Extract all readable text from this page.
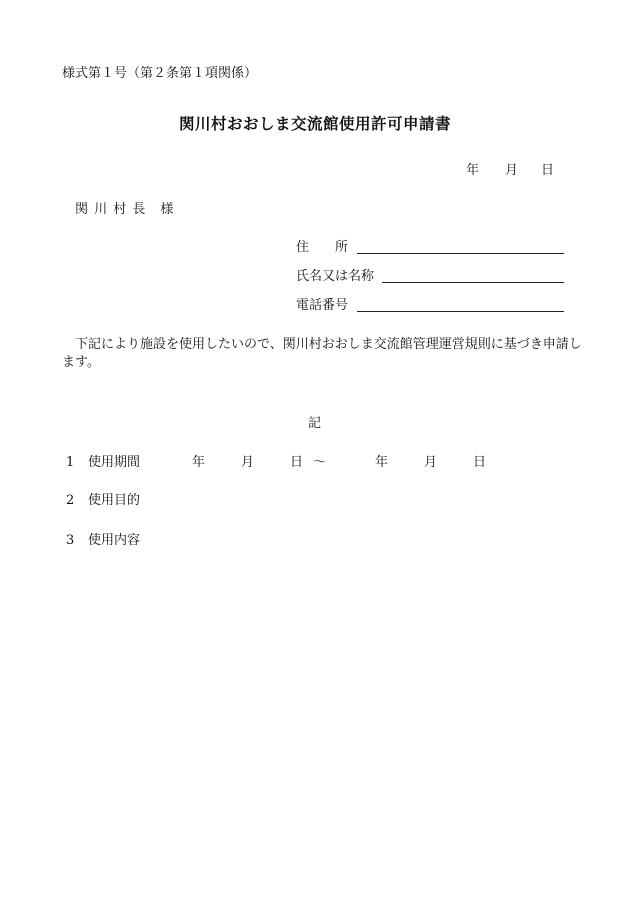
様式第１号（第２条第１項関係）
関川村おおしま交流館使用許可申請書
年 月 日
関 川 村 長　様
住　　所
氏名又は名称
電話番号
下記により施設を使用したいので、関川村おおしま交流館管理運営規則に基づき申請します。
記
1 使用期間	年	月	日 ～	年	月	日
2 使用目的
3 使用内容
